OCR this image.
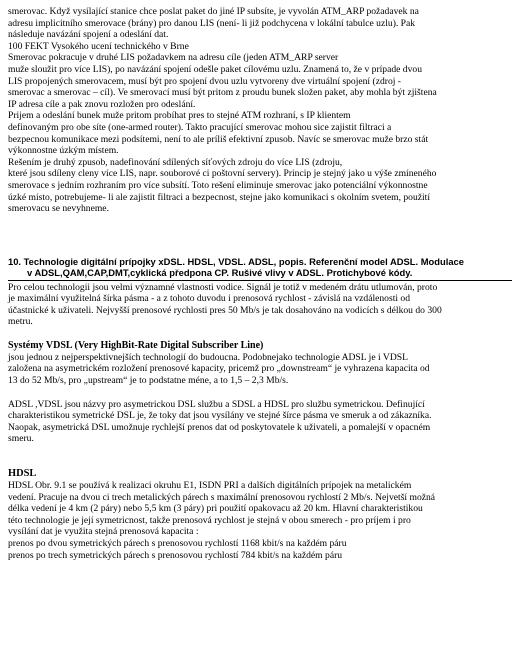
smerovac. Když vysílající stanice chce poslat paket do jiné IP subsíte, je vyvolán ATM_ARP požadavek na

adresu implicitního smerovace (brány) pro danou LIS (není- li již podchycena v lokální tabulce uzlu). Pak

následuje navázání spojení a odeslání dat.

100 FEKT Vysokého ucení technického v Brne

Smerovac pokracuje v druhé LIS požadavkem na adresu cíle (jeden ATM_ARP server

muže sloužit pro více LIS), po navázání spojení odešle paket cílovému uzlu. Znamená to, že v prípade dvou

LIS propojených smerovacem, musí být pro spojení dvou uzlu vytvoreny dve virtuální spojení (zdroj -

smerovac a smerovac – cíl). Ve smerovací musí být pritom z proudu bunek složen paket, aby mohla být zjištena

IP adresa cíle a pak znovu rozložen pro odeslání.

Prijem a odeslání bunek muže pritom probíhat pres to stejné ATM rozhraní, s IP klientem

definovaným pro obe síte (one-armed router). Takto pracující smerovac mohou sice zajistit filtraci a

bezpecnou komunikace mezi podsítemi, není to ale príliš efektivní zpusob. Navíc se smerovac muže brzo stát

výkonnostne úzkým místem.

Rešením je druhý zpusob, nadefinování sdílených síťových zdroju do více LIS (zdroju,

které jsou sdíleny cleny více LIS, napr. souborové ci poštovní servery). Princip je stejný jako u výše zmíneného

smerovace s jedním rozhraním pro více subsítí. Toto rešení eliminuje smerovac jako potenciální výkonnostne

úzké místo, potrebujeme- li ale zajistit filtraci a bezpecnost, stejne jako komunikaci s okolním svetem, použití

smerovacu se nevyhneme.

10. Technologie digitální prípojky xDSL. HDSL, VDSL. ADSL, popis. Referenční model ADSL. Modulace
v ADSL,QAM,CAP,DMT,cyklická předpona CP. Rušivé vlivy v ADSL. Protichybové kódy.

Pro celou technologii jsou velmi významné vlastnosti vodice. Signál je totiž v medeném drátu utlumován, proto

je maximální využitelná šírka pásma - a z tohoto duvodu i prenosová rychlost - závislá na vzdálenosti od

účastnické k uživateli. Nejvyšší prenosové rychlosti pres 50 Mb/s je tak dosahováno na vodicích s délkou do 300

metru.

Systémy VDSL (Very HighBit-Rate Digital Subscriber Line)

jsou jednou z nejperspektivnejších technologií do budoucna. Podobnejako technologie ADSL je i VDSL

založena na asymetrickém rozložení prenosové kapacity, pricemž pro „downstream“ je vyhrazena kapacita od

13 do 52 Mb/s, pro „upstream“ je to podstatne méne, a to 1,5 – 2,3 Mb/s.

ADSL ,VDSL jsou názvy pro asymetrickou DSL službu a SDSL a HDSL pro službu symetrickou. Definující

charakteristikou symetrické DSL je, že toky dat jsou vysílány ve stejné šírce pásma ve smeruk a od zákazníka.

Naopak, asymetrická DSL umožnuje rychlejší prenos dat od poskytovatele k uživateli, a pomalejší v opacném

smeru.

HDSL

HDSL Obr. 9.1 se používá k realizaci okruhu E1, ISDN PRI a dalších digitálních prípojek na metalickém

vedení. Pracuje na dvou ci trech metalických párech s maximální prenosovou rychlostí 2 Mb/s. Nejvetší možná

délka vedení je 4 km (2 páry) nebo 5,5 km (3 páry) pri použití opakovacu až 20 km. Hlavní charakteristikou

této technologie je její symetricnost, takže prenosová rychlost je stejná v obou smerech - pro príjem i pro

vysílání dat je využita stejná prenosová kapacita :

prenos po dvou symetrických párech s prenosovou rychlostí 1168 kbit/s na každém páru

prenos po trech symetrických párech s prenosovou rychlostí 784 kbit/s na každém páru
